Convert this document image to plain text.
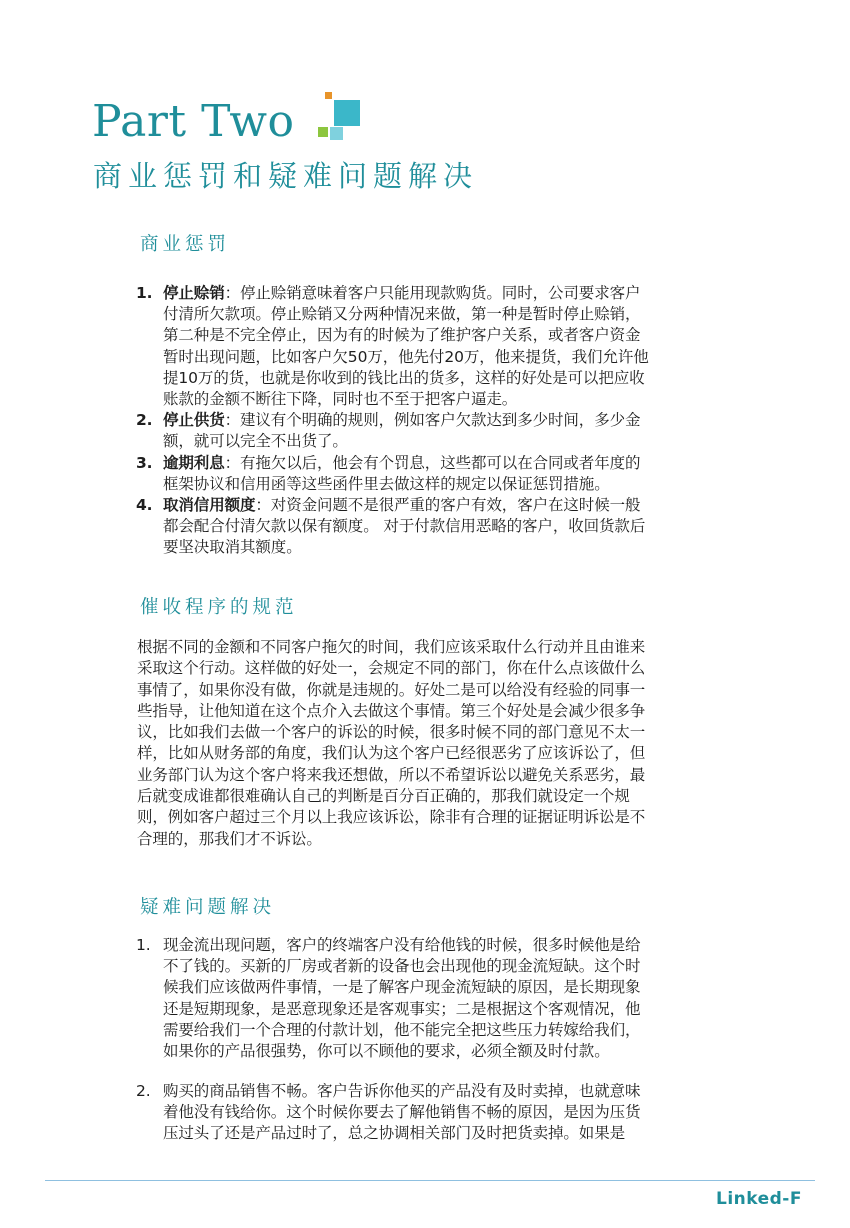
Part Two
商业惩罚和疑难问题解决
商业惩罚
1. 停止赊销：停止赊销意味着客户只能用现款购货。同时，公司要求客户
付清所欠款项。停止赊销又分两种情况来做，第一种是暂时停止赊销，
第二种是不完全停止，因为有的时候为了维护客户关系，或者客户资金
暂时出现问题，比如客户欠50万，他先付20万，他来提货，我们允许他
提10万的货，也就是你收到的钱比出的货多，这样的好处是可以把应收
账款的金额不断往下降，同时也不至于把客户逼走。
2. 停止供货：建议有个明确的规则，例如客户欠款达到多少时间，多少金
额，就可以完全不出货了。
3. 逾期利息：有拖欠以后，他会有个罚息，这些都可以在合同或者年度的
框架协议和信用函等这些函件里去做这样的规定以保证惩罚措施。
4. 取消信用额度：对资金问题不是很严重的客户有效，客户在这时候一般
都会配合付清欠款以保有额度。 对于付款信用恶略的客户，收回货款后
要坚决取消其额度。
催收程序的规范
根据不同的金额和不同客户拖欠的时间，我们应该采取什么行动并且由谁来
采取这个行动。这样做的好处一，会规定不同的部门，你在什么点该做什么
事情了，如果你没有做，你就是违规的。好处二是可以给没有经验的同事一
些指导，让他知道在这个点介入去做这个事情。第三个好处是会减少很多争
议，比如我们去做一个客户的诉讼的时候，很多时候不同的部门意见不太一
样，比如从财务部的角度，我们认为这个客户已经很恶劣了应该诉讼了，但
业务部门认为这个客户将来我还想做，所以不希望诉讼以避免关系恶劣，最
后就变成谁都很难确认自己的判断是百分百正确的，那我们就设定一个规
则，例如客户超过三个月以上我应该诉讼，除非有合理的证据证明诉讼是不
合理的，那我们才不诉讼。
疑难问题解决
1. 现金流出现问题，客户的终端客户没有给他钱的时候，很多时候他是给
不了钱的。买新的厂房或者新的设备也会出现他的现金流短缺。这个时
候我们应该做两件事情，一是了解客户现金流短缺的原因，是长期现象
还是短期现象，是恶意现象还是客观事实；二是根据这个客观情况，他
需要给我们一个合理的付款计划，他不能完全把这些压力转嫁给我们，
如果你的产品很强势，你可以不顾他的要求，必须全额及时付款。
2. 购买的商品销售不畅。客户告诉你他买的产品没有及时卖掉，也就意味
着他没有钱给你。这个时候你要去了解他销售不畅的原因，是因为压货
压过头了还是产品过时了，总之协调相关部门及时把货卖掉。如果是
Linked-F
